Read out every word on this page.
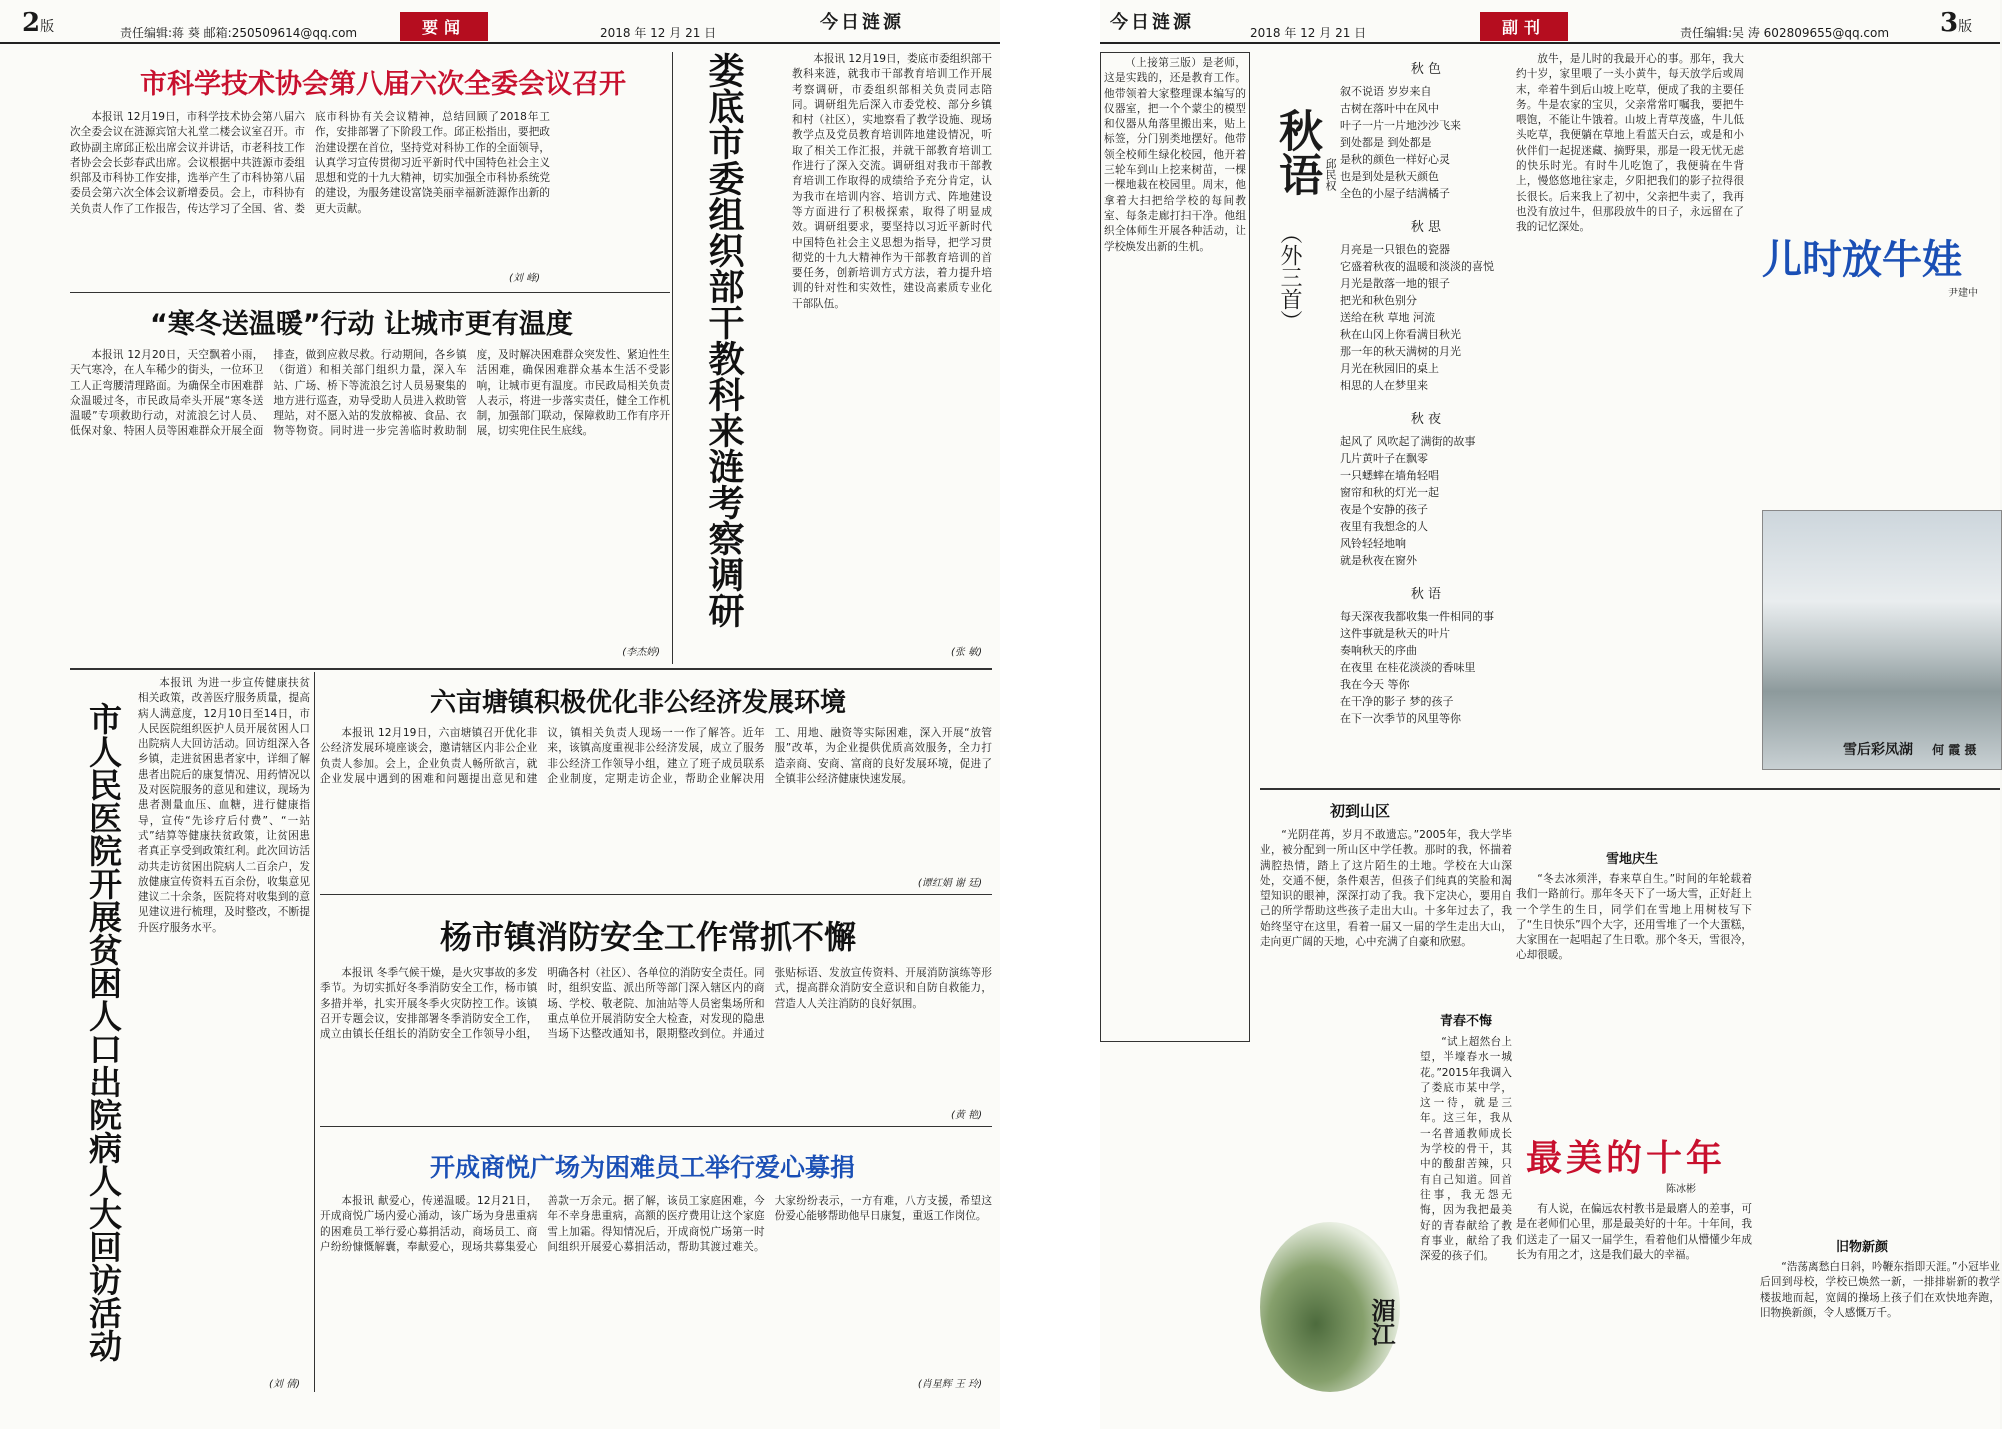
2版	责任编辑:蒋 葵 邮箱:250509614@qq.com	要闻	2018 年 12 月 21 日	今日涟源
市科学技术协会第八届六次全委会议召开

本报讯 12月19日，市科学技术协会第八届六次全委会议在涟源宾馆大礼堂二楼会议室召开。市政协副主席邱正松出席会议并讲话，市老科技工作者协会会长彭春武出席。会议根据中共涟源市委组织部及市科协工作安排，选举产生了市科协第八届委员会第六次全体会议新增委员。会上，市科协有关负责人作了工作报告，传达学习了全国、省、娄底市科协有关会议精神，总结回顾了2018年工作，安排部署了下阶段工作。邱正松指出，要把政治建设摆在首位，坚持党对科协工作的全面领导，认真学习宣传贯彻习近平新时代中国特色社会主义思想和党的十九大精神，切实加强全市科协系统党的建设，为服务建设富饶美丽幸福新涟源作出新的更大贡献。

(刘 峰)
“寒冬送温暖”行动 让城市更有温度

本报讯 12月20日，天空飘着小雨，天气寒冷，在人车稀少的街头，一位环卫工人正弯腰清理路面。为确保全市困难群众温暖过冬，市民政局牵头开展“寒冬送温暖”专项救助行动，对流浪乞讨人员、低保对象、特困人员等困难群众开展全面排查，做到应救尽救。行动期间，各乡镇（街道）和相关部门组织力量，深入车站、广场、桥下等流浪乞讨人员易聚集的地方进行巡查，劝导受助人员进入救助管理站，对不愿入站的发放棉被、食品、衣物等物资。同时进一步完善临时救助制度，及时解决困难群众突发性、紧迫性生活困难，确保困难群众基本生活不受影响，让城市更有温度。市民政局相关负责人表示，将进一步落实责任，健全工作机制，加强部门联动，保障救助工作有序开展，切实兜住民生底线。

(李杰婷)
娄底市委组织部干教科来涟考察调研	本报讯 12月19日，娄底市委组织部干教科来涟，就我市干部教育培训工作开展考察调研，市委组织部相关负责同志陪同。调研组先后深入市委党校、部分乡镇和村（社区），实地察看了教学设施、现场教学点及党员教育培训阵地建设情况，听取了相关工作汇报，并就干部教育培训工作进行了深入交流。调研组对我市干部教育培训工作取得的成绩给予充分肯定，认为我市在培训内容、培训方式、阵地建设等方面进行了积极探索，取得了明显成效。调研组要求，要坚持以习近平新时代中国特色社会主义思想为指导，把学习贯彻党的十九大精神作为干部教育培训的首要任务，创新培训方式方法，着力提升培训的针对性和实效性，建设高素质专业化干部队伍。

(张 敏)
市人民医院开展贫困人口出院病人大回访活动

本报讯 为进一步宣传健康扶贫相关政策，改善医疗服务质量，提高病人满意度，12月10日至14日，市人民医院组织医护人员开展贫困人口出院病人大回访活动。回访组深入各乡镇，走进贫困患者家中，详细了解患者出院后的康复情况、用药情况以及对医院服务的意见和建议，现场为患者测量血压、血糖，进行健康指导，宣传“先诊疗后付费”、“一站式”结算等健康扶贫政策，让贫困患者真正享受到政策红利。此次回访活动共走访贫困出院病人二百余户，发放健康宣传资料五百余份，收集意见建议二十余条，医院将对收集到的意见建议进行梳理，及时整改，不断提升医疗服务水平。

(刘 倩)
六亩塘镇积极优化非公经济发展环境

本报讯 12月19日，六亩塘镇召开优化非公经济发展环境座谈会，邀请辖区内非公企业负责人参加。会上，企业负责人畅所欲言，就企业发展中遇到的困难和问题提出意见和建议，镇相关负责人现场一一作了解答。近年来，该镇高度重视非公经济发展，成立了服务非公经济工作领导小组，建立了班子成员联系企业制度，定期走访企业，帮助企业解决用工、用地、融资等实际困难，深入开展“放管服”改革，为企业提供优质高效服务，全力打造亲商、安商、富商的良好发展环境，促进了全镇非公经济健康快速发展。

(谭红娟 谢 廷)
杨市镇消防安全工作常抓不懈

本报讯 冬季气候干燥，是火灾事故的多发季节。为切实抓好冬季消防安全工作，杨市镇多措并举，扎实开展冬季火灾防控工作。该镇召开专题会议，安排部署冬季消防安全工作，成立由镇长任组长的消防安全工作领导小组，明确各村（社区）、各单位的消防安全责任。同时，组织安监、派出所等部门深入辖区内的商场、学校、敬老院、加油站等人员密集场所和重点单位开展消防安全大检查，对发现的隐患当场下达整改通知书，限期整改到位。并通过张贴标语、发放宣传资料、开展消防演练等形式，提高群众消防安全意识和自防自救能力，营造人人关注消防的良好氛围。

(黄 艳)
开成商悦广场为困难员工举行爱心募捐

本报讯 献爱心，传递温暖。12月21日，开成商悦广场内爱心涌动，该广场为身患重病的困难员工举行爱心募捐活动，商场员工、商户纷纷慷慨解囊，奉献爱心，现场共募集爱心善款一万余元。据了解，该员工家庭困难，今年不幸身患重病，高额的医疗费用让这个家庭雪上加霜。得知情况后，开成商悦广场第一时间组织开展爱心募捐活动，帮助其渡过难关。大家纷纷表示，一方有难，八方支援，希望这份爱心能够帮助他早日康复，重返工作岗位。

(肖星辉 王 玲)
今日涟源	2018 年 12 月 21 日	副刊	责任编辑:吴 涛 602809655@qq.com 3版

（上接第三版）是老师，这是实践的，还是教育工作。他带领着大家整理课本编写的仪器室，把一个个蒙尘的模型和仪器从角落里搬出来，贴上标签，分门别类地摆好。他带领全校师生绿化校园，他开着三轮车到山上挖来树苗，一棵一棵地栽在校园里。周末，他拿着大扫把给学校的每间教室、每条走廊打扫干净。他组织全体师生开展各种活动，让学校焕发出新的生机。

秋语
（外三首）
邱民权
秋 色

叙不说语 岁岁来自

古树在落叶中在风中

叶子一片一片地沙沙飞来

到处都是 到处都是

是秋的颜色一样好心灵

也是到处是秋天颜色

全色的小屋子结满橘子

秋 思

月亮是一只银色的瓷器

它盛着秋夜的温暖和淡淡的喜悦

月光是散落一地的银子

把光和秋色别分

送给在秋 草地 河流

秋在山冈上你看满目秋光

那一年的秋天满树的月光

月光在秋园旧的桌上

相思的人在梦里来

秋 夜

起风了 风吹起了满街的故事

几片黄叶子在飘零

一只蟋蟀在墙角轻唱

窗帘和秋的灯光一起

夜是个安静的孩子

夜里有我想念的人

风铃轻轻地响

就是秋夜在窗外

秋 语

每天深夜我都收集一件相同的事

这件事就是秋天的叶片

奏响秋天的序曲

在夜里 在桂花淡淡的香味里

我在今天 等你

在干净的影子 梦的孩子

在下一次季节的风里等你

放牛，是儿时的我最开心的事。那年，我大约十岁，家里喂了一头小黄牛，每天放学后或周末，牵着牛到后山坡上吃草，便成了我的主要任务。牛是农家的宝贝，父亲常常叮嘱我，要把牛喂饱，不能让牛饿着。山坡上青草茂盛，牛儿低头吃草，我便躺在草地上看蓝天白云，或是和小伙伴们一起捉迷藏、摘野果，那是一段无忧无虑的快乐时光。有时牛儿吃饱了，我便骑在牛背上，慢悠悠地往家走，夕阳把我们的影子拉得很长很长。后来我上了初中，父亲把牛卖了，我再也没有放过牛，但那段放牛的日子，永远留在了我的记忆深处。

儿时放牛娃
尹建中
雪后彩凤湖 何 霞 摄
初到山区

“光阴荏苒，岁月不敢遗忘。”2005年，我大学毕业，被分配到一所山区中学任教。那时的我，怀揣着满腔热情，踏上了这片陌生的土地。学校在大山深处，交通不便，条件艰苦，但孩子们纯真的笑脸和渴望知识的眼神，深深打动了我。我下定决心，要用自己的所学帮助这些孩子走出大山。十多年过去了，我始终坚守在这里，看着一届又一届的学生走出大山，走向更广阔的天地，心中充满了自豪和欣慰。

湄江
青春不悔

“试上超然台上望，半壕春水一城花。”2015年我调入了娄底市某中学，这一待，就是三年。这三年，我从一名普通教师成长为学校的骨干，其中的酸甜苦辣，只有自己知道。回首往事，我无怨无悔，因为我把最美好的青春献给了教育事业，献给了我深爱的孩子们。

雪地庆生

“冬去冰须泮，春来草自生。”时间的年轮载着我们一路前行。那年冬天下了一场大雪，正好赶上一个学生的生日，同学们在雪地上用树枝写下了“生日快乐”四个大字，还用雪堆了一个大蛋糕，大家围在一起唱起了生日歌。那个冬天，雪很冷，心却很暖。

最美的十年
陈冰彬

有人说，在偏远农村教书是最磨人的差事，可是在老师们心里，那是最美好的十年。十年间，我们送走了一届又一届学生，看着他们从懵懂少年成长为有用之才，这是我们最大的幸福。	旧物新颜

“浩荡离愁白日斜，吟鞭东指即天涯。”小冠毕业后回到母校，学校已焕然一新，一排排崭新的教学楼拔地而起，宽阔的操场上孩子们在欢快地奔跑，旧物换新颜，令人感慨万千。
